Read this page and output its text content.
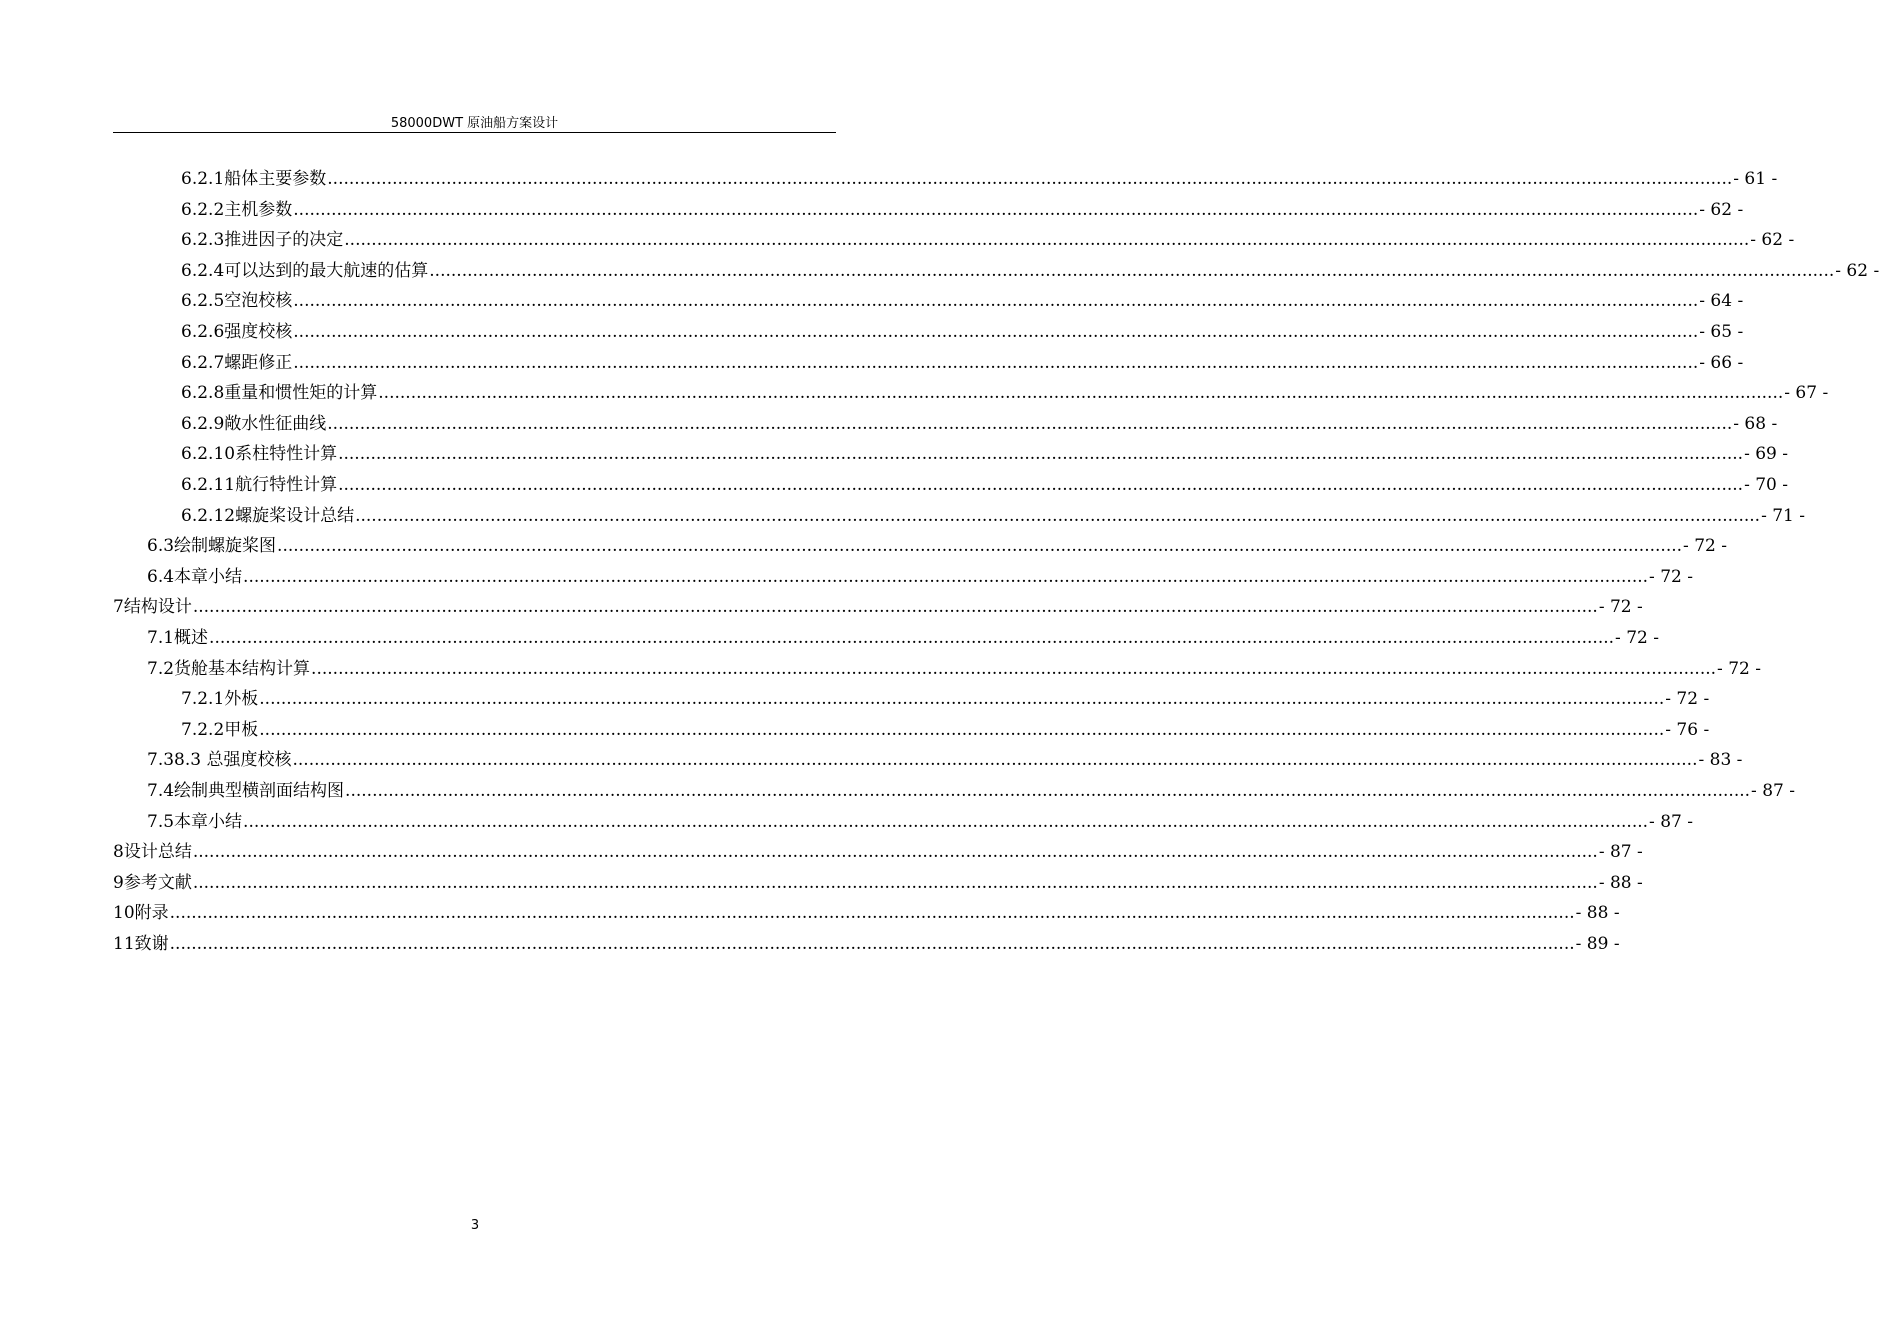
58000DWT 原油船方案设计
6.2.1 船体主要参数 .................................................................................................................................................................................................................................................................... - 61 -
6.2.2 主机参数 .................................................................................................................................................................................................................................................................... - 62 -
6.2.3 推进因子的决定 .................................................................................................................................................................................................................................................................... - 62 -
6.2.4 可以达到的最大航速的估算 .................................................................................................................................................................................................................................................................... - 62 -
6.2.5 空泡校核 .................................................................................................................................................................................................................................................................... - 64 -
6.2.6 强度校核 .................................................................................................................................................................................................................................................................... - 65 -
6.2.7 螺距修正 .................................................................................................................................................................................................................................................................... - 66 -
6.2.8 重量和惯性矩的计算 .................................................................................................................................................................................................................................................................... - 67 -
6.2.9 敞水性征曲线 .................................................................................................................................................................................................................................................................... - 68 -
6.2.10 系柱特性计算 .................................................................................................................................................................................................................................................................... - 69 -
6.2.11 航行特性计算 .................................................................................................................................................................................................................................................................... - 70 -
6.2.12 螺旋桨设计总结 .................................................................................................................................................................................................................................................................... - 71 -
6.3 绘制螺旋桨图 .................................................................................................................................................................................................................................................................... - 72 -
6.4 本章小结 .................................................................................................................................................................................................................................................................... - 72 -
7 结构设计 .................................................................................................................................................................................................................................................................... - 72 -
7.1 概述 .................................................................................................................................................................................................................................................................... - 72 -
7.2 货舱基本结构计算 .................................................................................................................................................................................................................................................................... - 72 -
7.2.1 外板 .................................................................................................................................................................................................................................................................... - 72 -
7.2.2 甲板 .................................................................................................................................................................................................................................................................... - 76 -
7.3 8.3 总强度校核 .................................................................................................................................................................................................................................................................... - 83 -
7.4 绘制典型横剖面结构图 .................................................................................................................................................................................................................................................................... - 87 -
7.5 本章小结 .................................................................................................................................................................................................................................................................... - 87 -
8 设计总结 .................................................................................................................................................................................................................................................................... - 87 -
9 参考文献 .................................................................................................................................................................................................................................................................... - 88 -
10 附录 .................................................................................................................................................................................................................................................................... - 88 -
11 致谢 .................................................................................................................................................................................................................................................................... - 89 -
3
